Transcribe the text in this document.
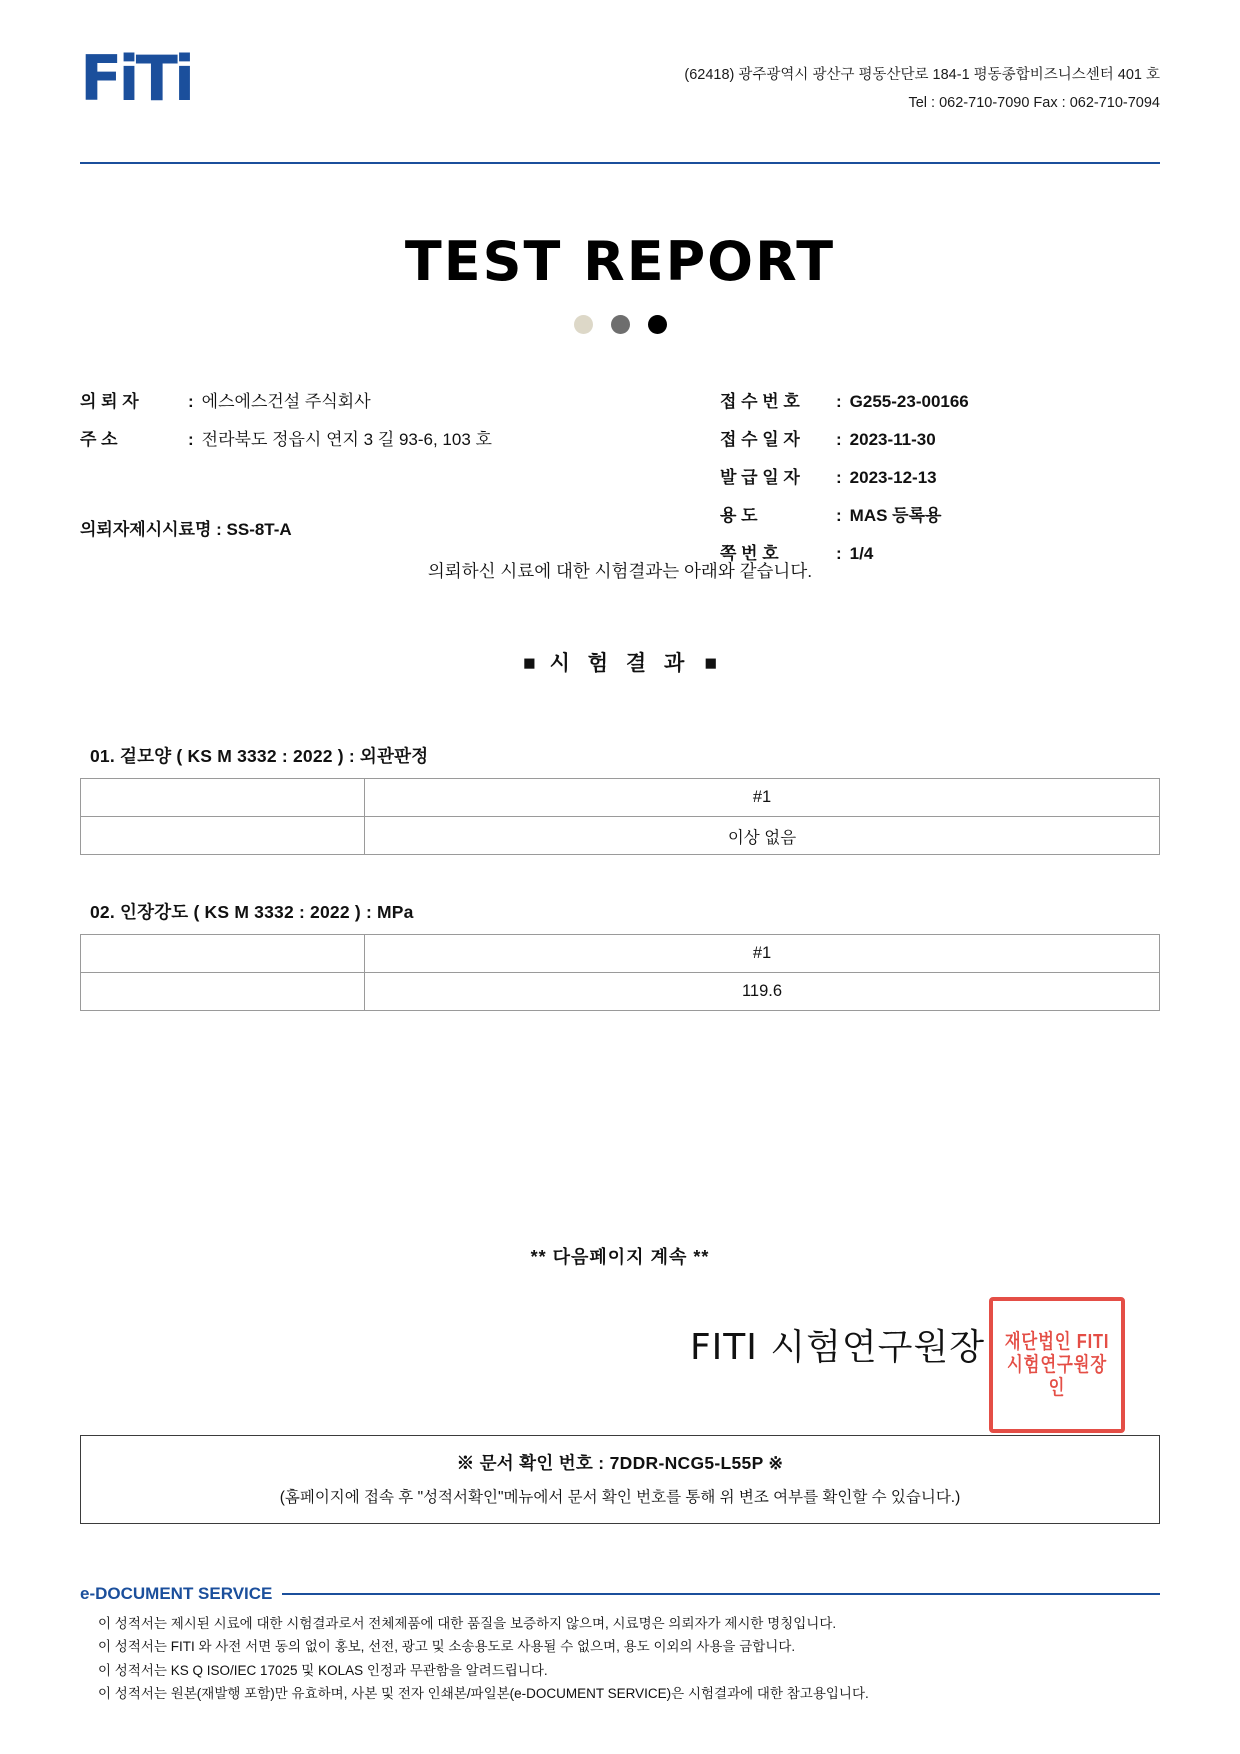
FiTi	(62418) 광주광역시 광산구 평동산단로 184-1 평동종합비즈니스센터 401 호
Tel : 062-710-7090 Fax : 062-710-7094
TEST REPORT
의 뢰 자	: 에스에스건설 주식회사
주 소	: 전라북도 정읍시 연지 3 길 93-6, 103 호
의뢰자제시시료명 : SS-8T-A
접 수 번 호	: G255-23-00166
접 수 일 자	: 2023-11-30
발 급 일 자	: 2023-12-13
용 도	: MAS 등록용
쪽 번 호	: 1/4
의뢰하신 시료에 대한 시험결과는 아래와 같습니다.
■ 시 험 결 과 ■
01. 겉모양 ( KS M 3332 : 2022 ) : 외관판정
	#1
	이상 없음
02. 인장강도 ( KS M 3332 : 2022 ) : MPa
	#1
	119.6
** 다음페이지 계속 **
FITI 시험연구원장 재단법인 FITI 시험연구원장인
※ 문서 확인 번호 : 7DDR-NCG5-L55P ※
(홈페이지에 접속 후 "성적서확인"메뉴에서 문서 확인 번호를 통해 위 변조 여부를 확인할 수 있습니다.)
e-DOCUMENT SERVICE
이 성적서는 제시된 시료에 대한 시험결과로서 전체제품에 대한 품질을 보증하지 않으며, 시료명은 의뢰자가 제시한 명칭입니다.
이 성적서는 FITI 와 사전 서면 동의 없이 홍보, 선전, 광고 및 소송용도로 사용될 수 없으며, 용도 이외의 사용을 금합니다.
이 성적서는 KS Q ISO/IEC 17025 및 KOLAS 인정과 무관함을 알려드립니다.
이 성적서는 원본(재발행 포함)만 유효하며, 사본 및 전자 인쇄본/파일본(e-DOCUMENT SERVICE)은 시험결과에 대한 참고용입니다.
